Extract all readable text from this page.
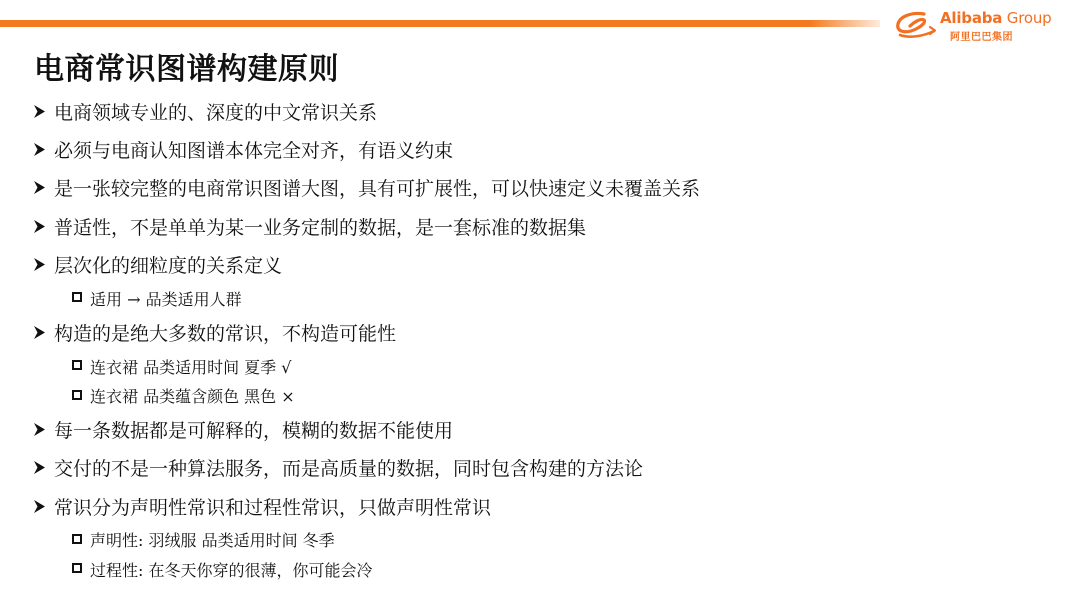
Alibaba Group
阿里巴巴集团
电商常识图谱构建原则
电商领域专业的、深度的中文常识关系
必须与电商认知图谱本体完全对齐，有语义约束
是一张较完整的电商常识图谱大图，具有可扩展性，可以快速定义未覆盖关系
普适性，不是单单为某一业务定制的数据，是一套标准的数据集
层次化的细粒度的关系定义
适用 → 品类适用人群
构造的是绝大多数的常识，不构造可能性
连衣裙 品类适用时间 夏季 √
连衣裙 品类蕴含颜色 黑色 ×
每一条数据都是可解释的，模糊的数据不能使用
交付的不是一种算法服务，而是高质量的数据，同时包含构建的方法论
常识分为声明性常识和过程性常识，只做声明性常识
声明性: 羽绒服 品类适用时间 冬季
过程性: 在冬天你穿的很薄，你可能会冷
